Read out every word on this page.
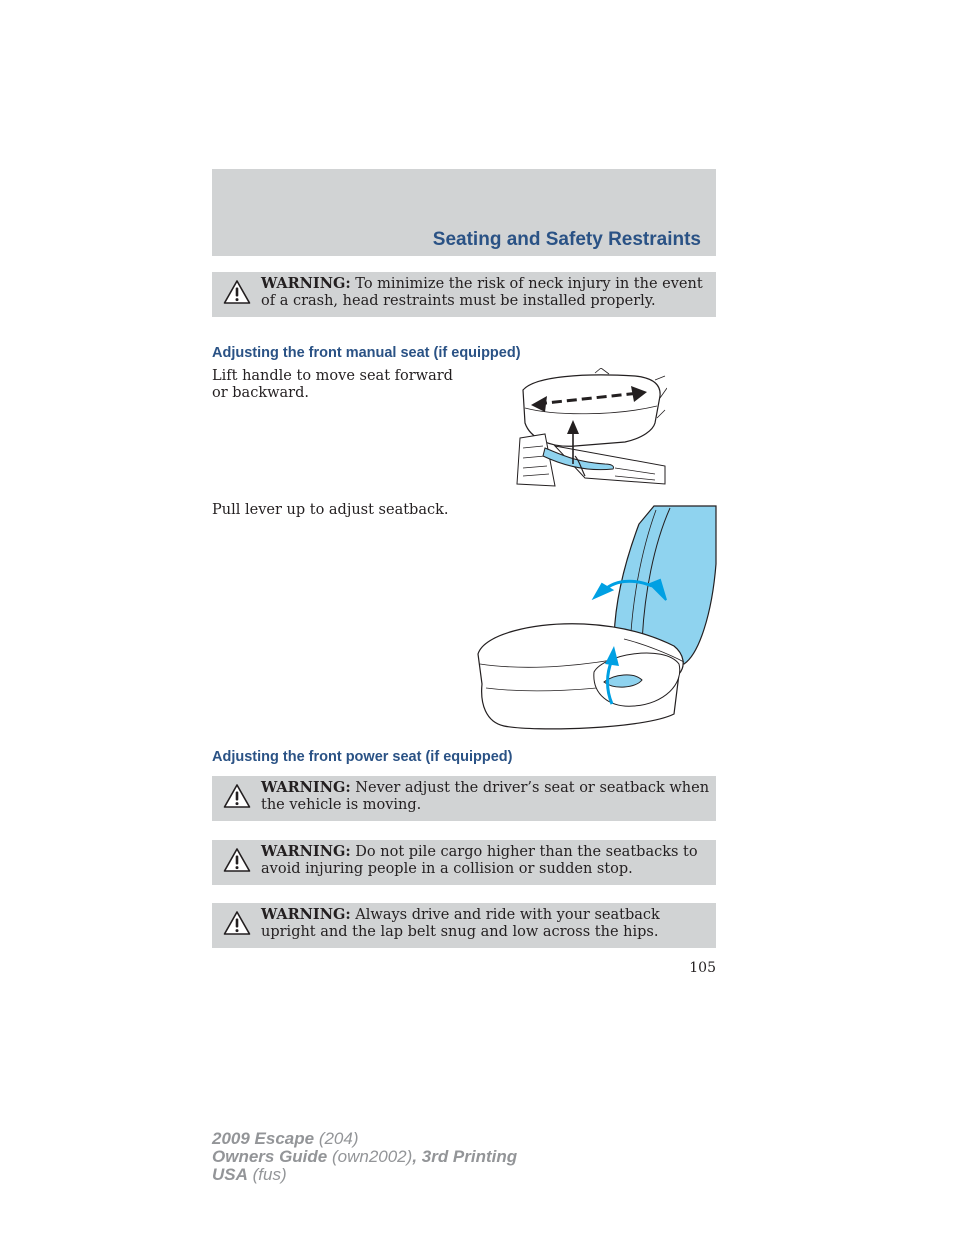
Seating and Safety Restraints
WARNING: To minimize the risk of neck injury in the event of a crash, head restraints must be installed properly.
Adjusting the front manual seat (if equipped)

Lift handle to move seat forward or backward.

Pull lever up to adjust seatback.

Adjusting the front power seat (if equipped)
WARNING: Never adjust the driver’s seat or seatback when the vehicle is moving.
WARNING: Do not pile cargo higher than the seatbacks to avoid injuring people in a collision or sudden stop.
WARNING: Always drive and ride with your seatback upright and the lap belt snug and low across the hips.
105
2009 Escape (204)
Owners Guide (own2002), 3rd Printing
USA (fus)
